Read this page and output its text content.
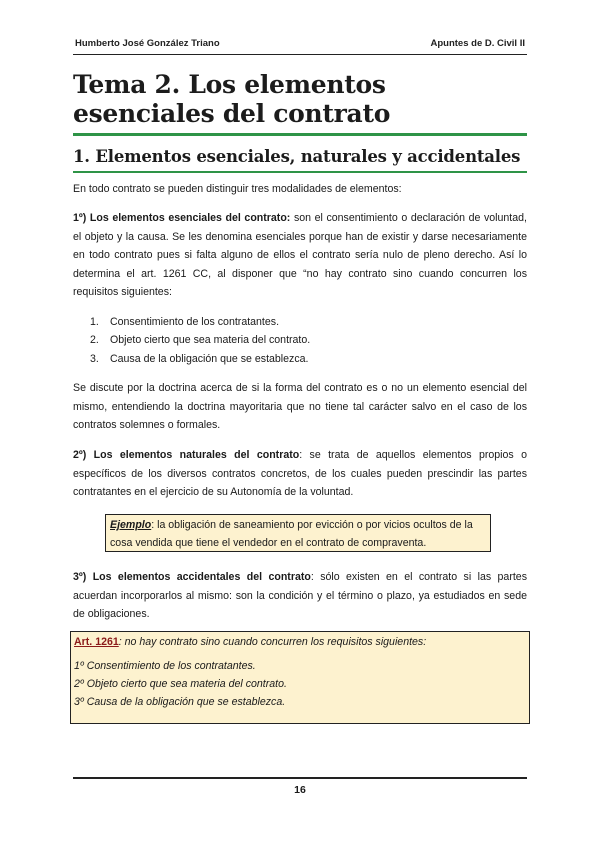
Humberto José González Triano	Apuntes de D. Civil II
Tema 2. Los elementos esenciales del contrato
1. Elementos esenciales, naturales y accidentales

En todo contrato se pueden distinguir tres modalidades de elementos:

1º) Los elementos esenciales del contrato: son el consentimiento o declaración de voluntad, el objeto y la causa. Se les denomina esenciales porque han de existir y darse necesariamente en todo contrato pues si falta alguno de ellos el contrato sería nulo de pleno derecho. Así lo determina el art. 1261 CC, al disponer que “no hay contrato sino cuando concurren los requisitos siguientes:

1. Consentimiento de los contratantes.
2. Objeto cierto que sea materia del contrato.
3. Causa de la obligación que se establezca.

Se discute por la doctrina acerca de si la forma del contrato es o no un elemento esencial del mismo, entendiendo la doctrina mayoritaria que no tiene tal carácter salvo en el caso de los contratos solemnes o formales.

2º) Los elementos naturales del contrato: se trata de aquellos elementos propios o específicos de los diversos contratos concretos, de los cuales pueden prescindir las partes contratantes en el ejercicio de su Autonomía de la voluntad.

Ejemplo: la obligación de saneamiento por evicción o por vicios ocultos de la cosa vendida que tiene el vendedor en el contrato de compraventa.

3º) Los elementos accidentales del contrato: sólo existen en el contrato si las partes acuerdan incorporarlos al mismo: son la condición y el término o plazo, ya estudiados en sede de obligaciones.

Art. 1261: no hay contrato sino cuando concurren los requisitos siguientes:
1º Consentimiento de los contratantes.
2º Objeto cierto que sea materia del contrato.
3º Causa de la obligación que se establezca.
16
